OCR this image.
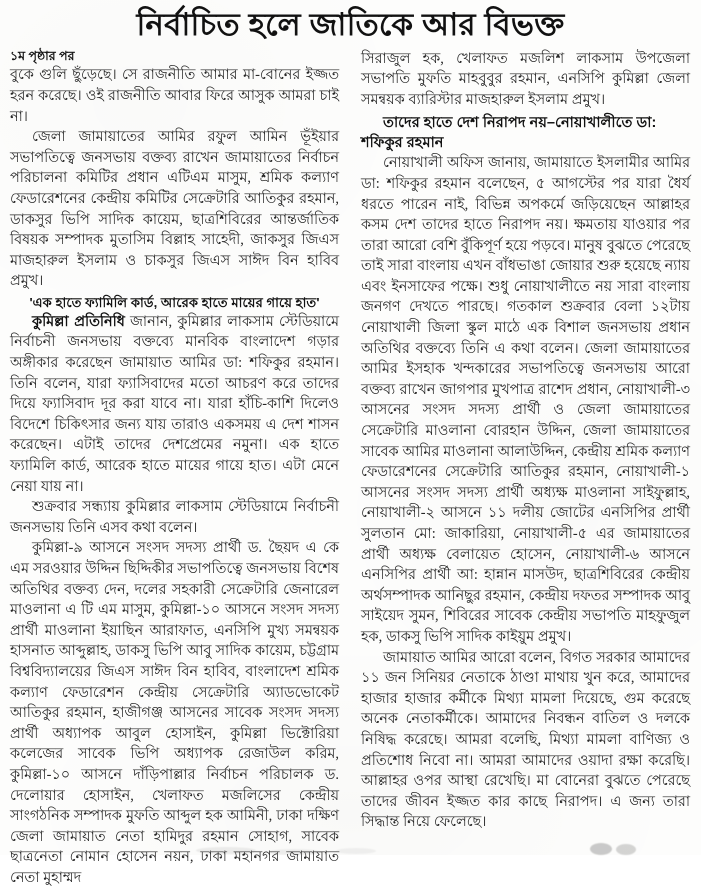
নির্বাচিত হলে জাতিকে আর বিভক্ত
১ম পৃষ্ঠার পর

বুকে গুলি ছুঁড়েছে। সে রাজনীতি আমার মা-বোনের ইজ্জত হরন করেছে। ওই রাজনীতি আবার ফিরে আসুক আমরা চাই না।

জেলা জামায়াতের আমির রফুল আমিন ভূঁইয়ার সভাপতিত্বে জনসভায় বক্তব্য রাখেন জামায়াতের নির্বাচন পরিচালনা কমিটির প্রধান এটিএম মাসুম, শ্রমিক কল্যাণ ফেডারেশনের কেন্দ্রীয় কমিটির সেক্রেটারি আতিকুর রহমান, ডাকসুর ভিপি সাদিক কায়েম, ছাত্রশিবিরের আন্তর্জাতিক বিষয়ক সম্পাদক মুতাসিম বিল্লাহ সাহেদী, জাকসুর জিএস মাজহারুল ইসলাম ও চাকসুর জিএস সাঈদ বিন হাবিব প্রমুখ।

'এক হাতে ফ্যামিলি কার্ড, আরেক হাতে মায়ের গায়ে হাত'

কুমিল্লা প্রতিনিধি জানান, কুমিল্লার লাকসাম স্টেডিয়ামে নির্বাচনী জনসভায় বক্তব্যে মানবিক বাংলাদেশ গড়ার অঙ্গীকার করেছেন জামায়াত আমির ডা: শফিকুর রহমান। তিনি বলেন, যারা ফ্যাসিবাদের মতো আচরণ করে তাদের দিয়ে ফ্যাসিবাদ দূর করা যাবে না। যারা হাঁচি-কাশি দিলেও বিদেশে চিকিৎসার জন্য যায় তারাও একসময় এ দেশ শাসন করেছেন। এটাই তাদের দেশপ্রেমের নমুনা। এক হাতে ফ্যামিলি কার্ড, আরেক হাতে মায়ের গায়ে হাত। এটা মেনে নেয়া যায় না।

শুক্রবার সন্ধ্যায় কুমিল্লার লাকসাম স্টেডিয়ামে নির্বাচনী জনসভায় তিনি এসব কথা বলেন।

কুমিল্লা-৯ আসনে সংসদ সদস্য প্রার্থী ড. ছৈয়দ এ কে এম সরওয়ার উদ্দিন ছিদ্দিকীর সভাপতিত্বে জনসভায় বিশেষ অতিথির বক্তব্য দেন, দলের সহকারী সেক্রেটারি জেনারেল মাওলানা এ টি এম মাসুম, কুমিল্লা-১০ আসনে সংসদ সদস্য প্রার্থী মাওলানা ইয়াছিন আরাফাত, এনসিপি মুখ্য সমন্বয়ক হাসনাত আব্দুল্লাহ, ডাকসু ভিপি আবু সাদিক কায়েম, চট্টগ্রাম বিশ্ববিদ্যালয়ের জিএস সাঈদ বিন হাবিব, বাংলাদেশ শ্রমিক কল্যাণ ফেডারেশন কেন্দ্রীয় সেক্রেটারি অ্যাডভোকেট আতিকুর রহমান, হাজীগঞ্জ আসনের সাবেক সংসদ সদস্য প্রার্থী অধ্যাপক আবুল হোসাইন, কুমিল্লা ভিক্টোরিয়া কলেজের সাবেক ভিপি অধ্যাপক রেজাউল করিম, কুমিল্লা-১০ আসনে দাঁড়িপাল্লার নির্বাচন পরিচালক ড. দেলোয়ার হোসাইন, খেলাফত মজলিসের কেন্দ্রীয় সাংগঠনিক সম্পাদক মুফতি আব্দুল হক আমিনী, ঢাকা দক্ষিণ জেলা জামায়াত নেতা হামিদুর রহমান সোহাগ, সাবেক ছাত্রনেতা নোমান হোসেন নয়ন, ঢাকা মহানগর জামায়াত নেতা মুহাম্মদ

সিরাজুল হক, খেলাফত মজলিশ লাকসাম উপজেলা সভাপতি মুফতি মাহবুবুর রহমান, এনসিপি কুমিল্লা জেলা সমন্বয়ক ব্যারিস্টার মাজহারুল ইসলাম প্রমুখ।

তাদের হাতে দেশ নিরাপদ নয়–নোয়াখালীতে ডা: শফিকুর রহমান

নোয়াখালী অফিস জানায়, জামায়াতে ইসলামীর আমির ডা: শফিকুর রহমান বলেছেন, ৫ আগস্টের পর যারা ধৈর্য ধরতে পারেন নাই, বিভিন্ন অপকর্মে জড়িয়েছেন আল্লাহর কসম দেশ তাদের হাতে নিরাপদ নয়। ক্ষমতায় যাওয়ার পর তারা আরো বেশি বুঁকিপূর্ণ হয়ে পড়বে। মানুষ বুঝতে পেরেছে তাই সারা বাংলায় এখন বাঁধভাঙা জোয়ার শুরু হয়েছে ন্যায় এবং ইনসাফের পক্ষে। শুধু নোয়াখালীতে নয় সারা বাংলায় জনগণ দেখতে পারছে। গতকাল শুক্রবার বেলা ১২টায় নোয়াখালী জিলা স্কুল মাঠে এক বিশাল জনসভায় প্রধান অতিথির বক্তব্যে তিনি এ কথা বলেন। জেলা জামায়াতের আমির ইসহাক খন্দকারের সভাপতিত্বে জনসভায় আরো বক্তব্য রাখেন জাগপার মুখপাত্র রাশেদ প্রধান, নোয়াখালী-৩ আসনের সংসদ সদস্য প্রার্থী ও জেলা জামায়াতের সেক্রেটারি মাওলানা বোরহান উদ্দিন, জেলা জামায়াতের সাবেক আমির মাওলানা আলাউদ্দিন, কেন্দ্রীয় শ্রমিক কল্যাণ ফেডারেশনের সেক্রেটারি আতিকুর রহমান, নোয়াখালী-১ আসনের সংসদ সদস্য প্রার্থী অধ্যক্ষ মাওলানা সাইফুল্লাহ, নোয়াখালী-২ আসনে ১১ দলীয় জোটের এনসিপির প্রার্থী সুলতান মো: জাকারিয়া, নোয়াখালী-৫ এর জামায়াতের প্রার্থী অধ্যক্ষ বেলায়েত হোসেন, নোয়াখালী-৬ আসনে এনসিপির প্রার্থী আ: হান্নান মাসউদ, ছাত্রশিবিরের কেন্দ্রীয় অর্থসম্পাদক আনিছুর রহমান, কেন্দ্রীয় দফতর সম্পাদক আবু সাইয়েদ সুমন, শিবিরের সাবেক কেন্দ্রীয় সভাপতি মাহফুজুল হক, ডাকসু ভিপি সাদিক কাইয়ুম প্রমুখ।

জামায়াত আমির আরো বলেন, বিগত সরকার আমাদের ১১ জন সিনিয়র নেতাকে ঠাণ্ডা মাথায় খুন করে, আমাদের হাজার হাজার কর্মীকে মিথ্যা মামলা দিয়েছে, গুম করেছে অনেক নেতাকর্মীকে। আমাদের নিবন্ধন বাতিল ও দলকে নিষিদ্ধ করেছে। আমরা বলেছি, মিথ্যা মামলা বাণিজ্য ও প্রতিশোধ নিবো না। আমরা আমাদের ওয়াদা রক্ষা করেছি। আল্লাহর ওপর আস্থা রেখেছি। মা বোনেরা বুঝতে পেরেছে তাদের জীবন ইজ্জত কার কাছে নিরাপদ। এ জন্য তারা সিদ্ধান্ত নিয়ে ফেলেছে।
